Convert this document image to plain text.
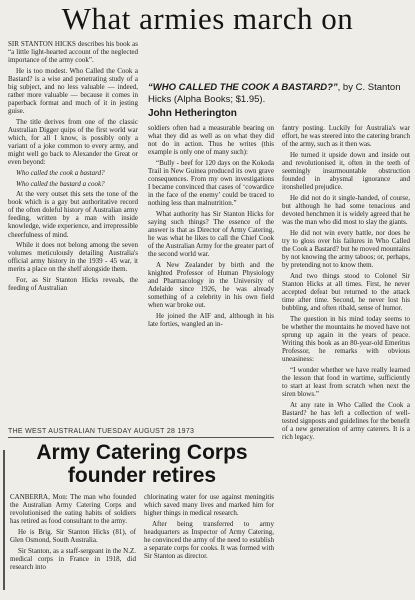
What armies march on

SIR STANTON HICKS describes his book as “a little light-hearted account of the neglected importance of the army cook”.

He is too modest. Who Called the Cook a Bastard? is a wise and penetrating study of a big subject, and no less valuable — indeed, rather more valuable — because it comes in paperback format and much of it in jesting guise.

The title derives from one of the classic Australian Digger quips of the first world war which, for all I know, is possibly only a variant of a joke common to every army, and might well go back to Alexander the Great or even beyond:

Who called the cook a bastard?

Who called the bastard a cook?

At the very outset this sets the tone of the book which is a gay but authoritative record of the often doleful history of Australian army feeding, written by a man with inside knowledge, wide experience, and irrepressible cheerfulness of mind.

While it does not belong among the seven volumes meticulously detailing Australia's official army history in the 1939 - 45 war, it merits a place on the shelf alongside them.

For, as Sir Stanton Hicks reveals, the feeding of Australian

“WHO CALLED THE COOK A BASTARD?”, by C. Stanton Hicks (Alpha Books; $1.95).
John Hetherington

soldiers often had a measurable bearing on what they did as well as on what they did not do in action. Thus he writes (this example is only one of many such):

“Bully - beef for 120 days on the Kokoda Trail in New Guinea produced its own grave consequences. From my own investigations I became convinced that cases of ‘cowardice in the face of the enemy’ could be traced to nothing less than malnutrition.”

What authority has Sir Stanton Hicks for saying such things? The essence of the answer is that as Director of Army Catering, he was what he likes to call the Chief Cook of the Australian Army for the greater part of the second world war.

A New Zealander by birth and the knighted Professor of Human Physiology and Pharmacology in the University of Adelaide since 1926, he was already something of a celebrity in his own field when war broke out.

He joined the AIF and, although in his late forties, wangled an in-

fantry posting. Luckily for Australia's war effort, he was steered into the catering branch of the army, such as it then was.

He turned it upside down and inside out and revolutionised it, often in the teeth of seemingly insurmountable obstruction founded in abysmal ignorance and ironshelled prejudice.

He did not do it single-handed, of course, but although he had some tenacious and devoted henchmen it is widely agreed that he was the man who did most to slay the giants.

He did not win every battle, nor does he try to gloss over his failures in Who Called the Cook a Bastard? but he moved mountains by not knowing the army taboos; or, perhaps, by pretending not to know them.

And two things stood to Colonel Sir Stanton Hicks at all times. First, he never accepted defeat but returned to the attack time after time. Second, he never lost his bubbling, and often ribald, sense of humor.

The question in his mind today seems to be whether the mountains he moved have not sprung up again in the years of peace. Writing this book as an 80-year-old Emeritus Professor, he remarks with obvious uneasiness:

“I wonder whether we have really learned the lesson that food in wartime, sufficiently to start at least from scratch when next the siren blows.”

At any rate in Who Called the Cook a Bastard? he has left a collection of well-tested signposts and guidelines for the benefit of a new generation of army caterers. It is a rich legacy.

THE WEST AUSTRALIAN TUESDAY AUGUST 28 1973
Army Catering Corps
founder retires

CANBERRA, Mon: The man who founded the Australian Army Catering Corps and revolutionised the eating habits of soldiers has retired as food consultant to the army.

He is Brig. Sir Stanton Hicks (81), of Glen Osmond, South Australia.

Sir Stanton, as a staff-sergeant in the N.Z. medical corps in France in 1918, did research into

chlorinating water for use against meningitis which saved many lives and marked him for higher things in medical research.

After being transferred to army headquarters as Inspector of Army Catering, he convinced the army of the need to establish a separate corps for cooks. It was formed with Sir Stanton as director.
